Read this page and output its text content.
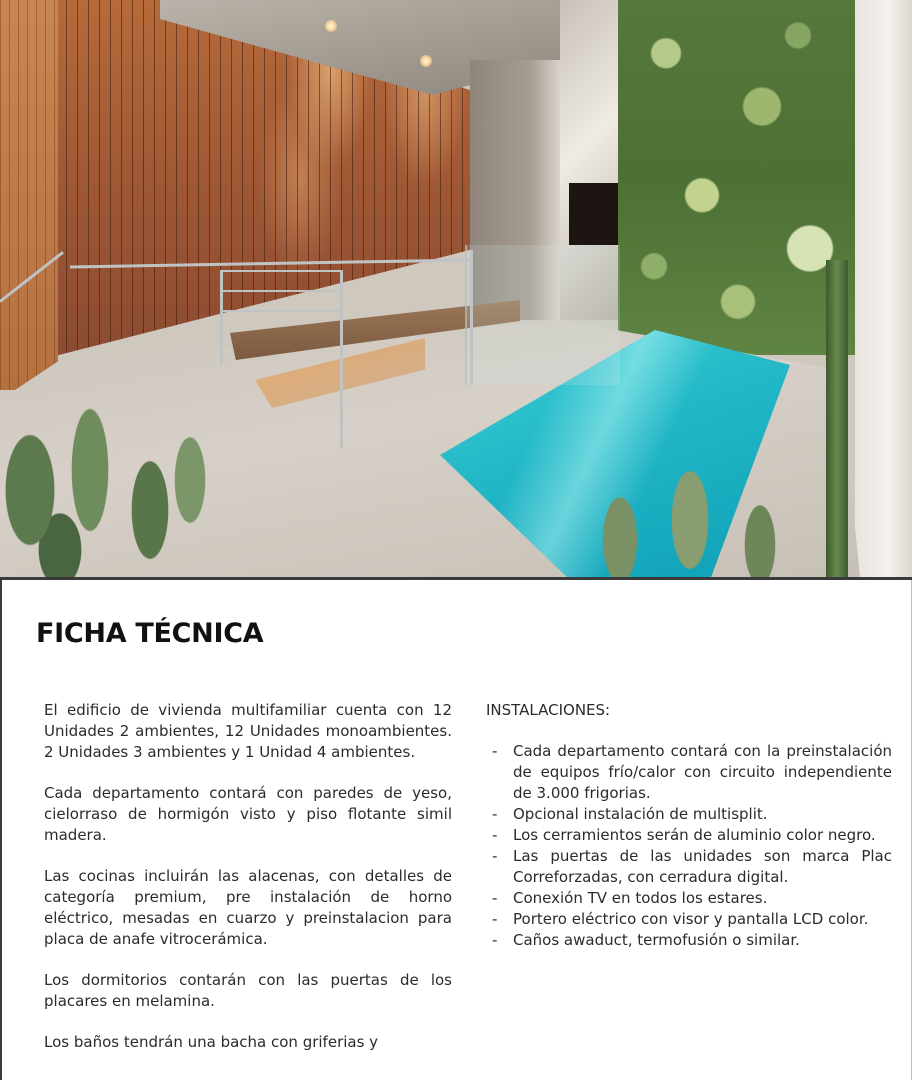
FICHA TÉCNICA

El edificio de vivienda multifamiliar cuenta con 12 Unidades 2 ambientes, 12 Unidades monoambientes. 2 Unidades 3 ambientes y 1 Unidad 4 ambientes.

Cada departamento contará con paredes de yeso, cielorraso de hormigón visto y piso flotante simil madera.

Las cocinas incluirán las alacenas, con detalles de categoría premium, pre instalación de horno eléctrico, mesadas en cuarzo y preinstalacion para placa de anafe vitrocerámica.

Los dormitorios contarán con las puertas de los placares en melamina.

Los baños tendrán una bacha con griferias y

INSTALACIONES:
- Cada departamento contará con la preinstalación de equipos frío/calor con circuito independiente de 3.000 frigorias.
- Opcional instalación de multisplit.
- Los cerramientos serán de aluminio color negro.
- Las puertas de las unidades son marca Plac Correforzadas, con cerradura digital.
- Conexión TV en todos los estares.
- Portero eléctrico con visor y pantalla LCD color.
- Caños awaduct, termofusión o similar.
